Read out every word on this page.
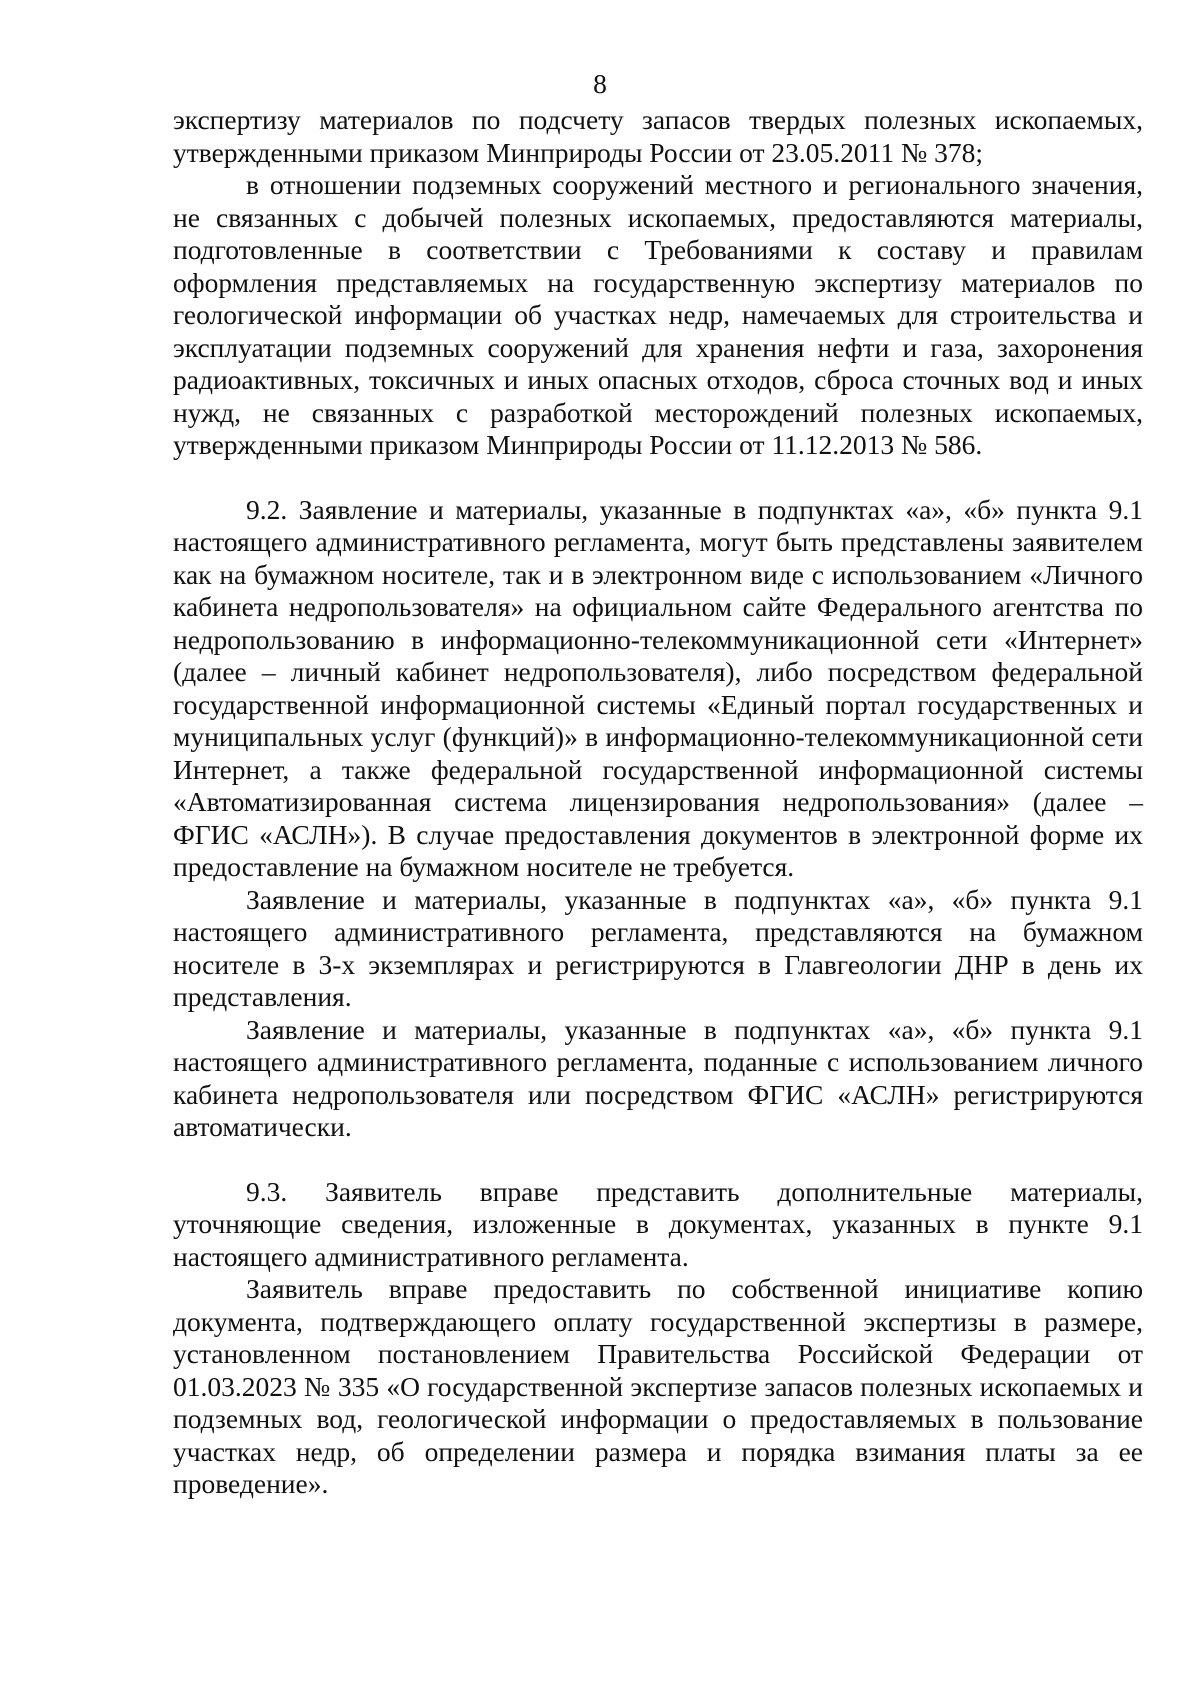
8

экспертизу материалов по подсчету запасов твердых полезных ископаемых, утвержденными приказом Минприроды России от 23.05.2011 № 378;

в отношении подземных сооружений местного и регионального значения, не связанных с добычей полезных ископаемых, предоставляются материалы, подготовленные в соответствии с Требованиями к составу и правилам оформления представляемых на государственную экспертизу материалов по геологической информации об участках недр, намечаемых для строительства и эксплуатации подземных сооружений для хранения нефти и газа, захоронения радиоактивных, токсичных и иных опасных отходов, сброса сточных вод и иных нужд, не связанных с разработкой месторождений полезных ископаемых, утвержденными приказом Минприроды России от 11.12.2013 № 586.

9.2. Заявление и материалы, указанные в подпунктах «а», «б» пункта 9.1 настоящего административного регламента, могут быть представлены заявителем как на бумажном носителе, так и в электронном виде с использованием «Личного кабинета недропользователя» на официальном сайте Федерального агентства по недропользованию в информационно-телекоммуникационной сети «Интернет» (далее – личный кабинет недропользователя), либо посредством федеральной государственной информационной системы «Единый портал государственных и муниципальных услуг (функций)» в информационно-телекоммуникационной сети Интернет, а также федеральной государственной информационной системы «Автоматизированная система лицензирования недропользования» (далее – ФГИС «АСЛН»). В случае предоставления документов в электронной форме их предоставление на бумажном носителе не требуется.

Заявление и материалы, указанные в подпунктах «а», «б» пункта 9.1 настоящего административного регламента, представляются на бумажном носителе в 3-х экземплярах и регистрируются в Главгеологии ДНР в день их представления.

Заявление и материалы, указанные в подпунктах «а», «б» пункта 9.1 настоящего административного регламента, поданные с использованием личного кабинета недропользователя или посредством ФГИС «АСЛН» регистрируются автоматически.

9.3. Заявитель вправе представить дополнительные материалы, уточняющие сведения, изложенные в документах, указанных в пункте 9.1 настоящего административного регламента.

Заявитель вправе предоставить по собственной инициативе копию документа, подтверждающего оплату государственной экспертизы в размере, установленном постановлением Правительства Российской Федерации от 01.03.2023 № 335 «О государственной экспертизе запасов полезных ископаемых и подземных вод, геологической информации о предоставляемых в пользование участках недр, об определении размера и порядка взимания платы за ее проведение».
